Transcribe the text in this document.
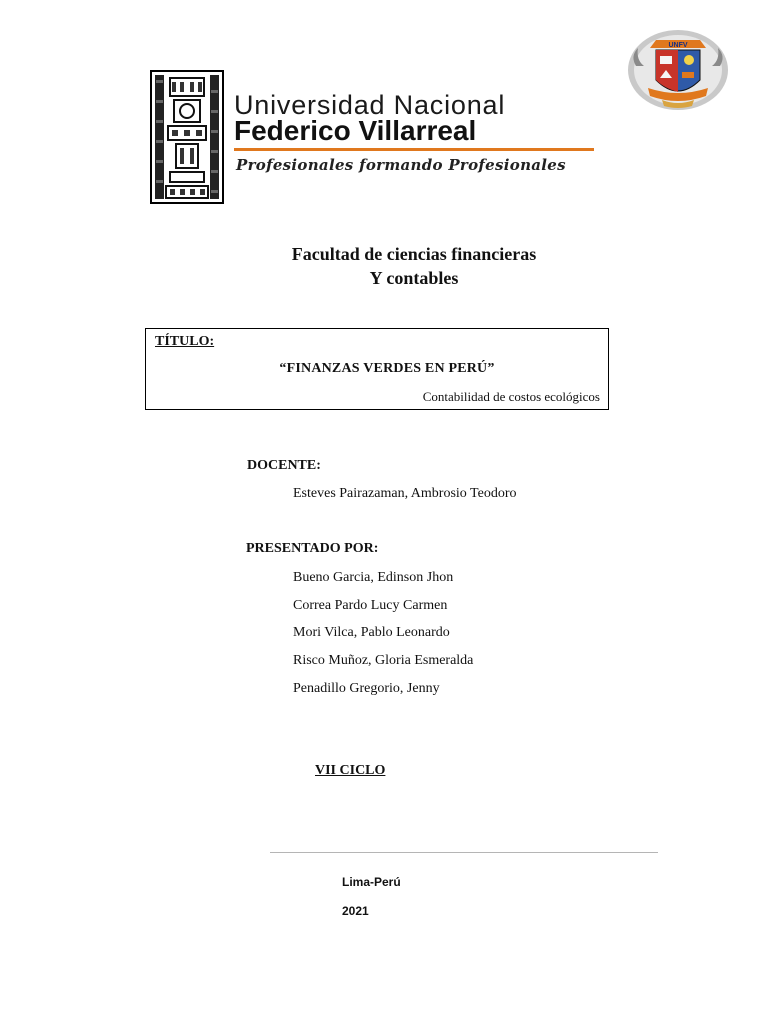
Universidad Nacional
Federico Villarreal
Profesionales formando Profesionales
UNFV
Facultad de ciencias financieras
Y contables
TÍTULO:
“FINANZAS VERDES EN PERÚ”
Contabilidad de costos ecológicos
DOCENTE:
Esteves Pairazaman, Ambrosio Teodoro
PRESENTADO POR:
Bueno Garcia, Edinson Jhon
Correa Pardo Lucy Carmen
Mori Vilca, Pablo Leonardo
Risco Muñoz, Gloria Esmeralda
Penadillo Gregorio, Jenny
VII CICLO
Lima-Perú
2021
